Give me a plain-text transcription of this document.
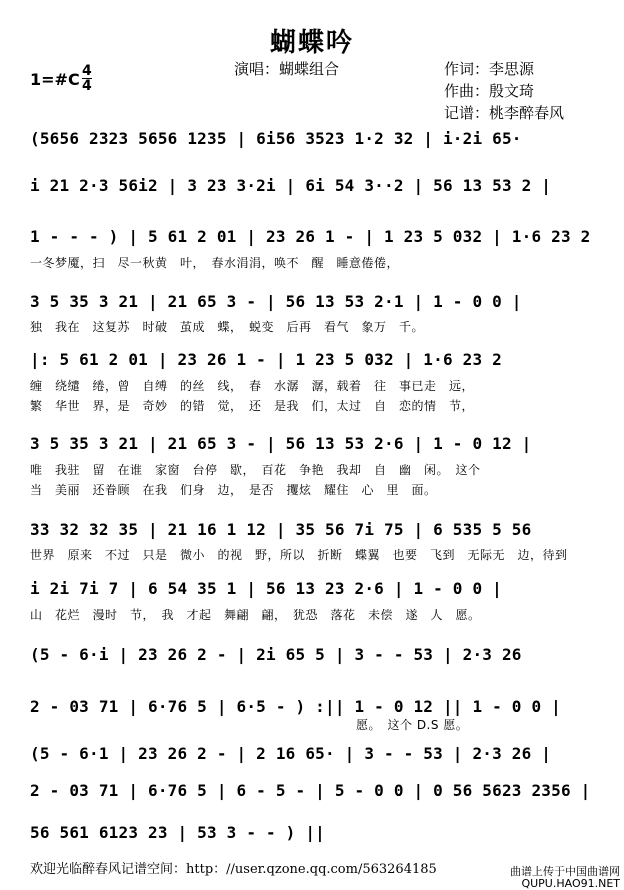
蝴蝶吟
演唱：蝴蝶组合	作词：李思源
作曲：殷文琦
记谱：桃李醉春风
1=#C 4
4
(5656 2323 5656 1235 | 6i56 3523 1·2 32 | i·2i 65·
i 21 2·3 56i2 | 3 23 3·2i | 6i 54 3··2 | 56 13 53 2 |
1 - - - ) | 5 61 2 01 | 23 26 1 - | 1 23 5 032 | 1·6 23 2
3 5 35 3 21 | 21 65 3 - | 56 13 53 2·1 | 1 - 0 0 |
|: 5 61 2 01 | 23 26 1 - | 1 23 5 032 | 1·6 23 2
3 5 35 3 21 | 21 65 3 - | 56 13 53 2·6 | 1 - 0 12 |
33 32 32 35 | 21 16 1 12 | 35 56 7i 75 | 6 535 5 56
i 2i 7i 7 | 6 54 35 1 | 56 13 23 2·6 | 1 - 0 0 |
(5 - 6·i | 23 26 2 - | 2i 65 5 | 3 - - 53 | 2·3 26
2 - 03 71 | 6·76 5 | 6·5 - ) :|| 1 - 0 12 || 1 - 0 0 |
(5 - 6·1 | 23 26 2 - | 2 16 65· | 3 - - 53 | 2·3 26 |
2 - 03 71 | 6·76 5 | 6 - 5 - | 5 - 0 0 | 0 56 5623 2356 |
56 561 6123 23 | 53 3 - - ) ||
一冬梦魇，扫　尽一秋黄　叶，　春水涓涓，唤不　醒　睡意倦倦，
独　我在　这复苏　时破　茧成　蝶，　蜕变　后再　看气　象万　千。
缠　绕缱　绻，曾　自缚　的丝　线，　春　水潺　潺，载着　往　事已走　远，
繁　华世　界，是　奇妙　的错　觉，　还　是我　们，太过　自　恋的情　节，
唯　我驻　留　在谁　家窗　台停　歇，　百花　争艳　我却　自　幽　闲。　这个
当　美丽　还眷顾　在我　们身　边，　是否　攫炫　耀住　心　里　面。
世界　原来　不过　只是　微小　的视　野，所以　折断　蝶翼　也要　飞到　无际无　边，待到
山　花烂　漫时　节，　我　才起　舞翩　翩，　犹恐　落花　未偿　遂　人　愿。
愿。　这个 D.S 愿。
欢迎光临醉春风记谱空间：http：//user.qzone.qq.com/563264185	曲谱上传于中国曲谱网
QUPU.HAO91.NET
